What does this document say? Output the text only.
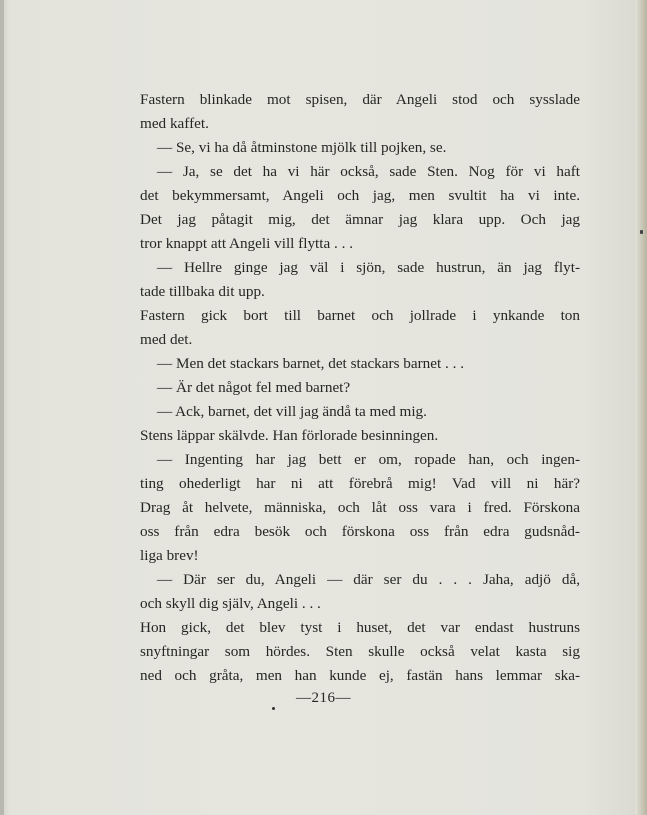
Fastern blinkade mot spisen, där Angeli stod och sysslade
med kaffet.
— Se, vi ha då åtminstone mjölk till pojken, se.
— Ja, se det ha vi här också, sade Sten. Nog för vi haft
det bekymmersamt, Angeli och jag, men svultit ha vi inte.
Det jag påtagit mig, det ämnar jag klara upp. Och jag
tror knappt att Angeli vill flytta . . .
— Hellre ginge jag väl i sjön, sade hustrun, än jag flyt-
tade tillbaka dit upp.
Fastern gick bort till barnet och jollrade i ynkande ton
med det.
— Men det stackars barnet, det stackars barnet . . .
— Är det något fel med barnet?
— Ack, barnet, det vill jag ändå ta med mig.
Stens läppar skälvde. Han förlorade besinningen.
— Ingenting har jag bett er om, ropade han, och ingen-
ting ohederligt har ni att förebrå mig! Vad vill ni här?
Drag åt helvete, människa, och låt oss vara i fred. Förskona
oss från edra besök och förskona oss från edra gudsnåd-
liga brev!
— Där ser du, Angeli — där ser du . . . Jaha, adjö då,
och skyll dig själv, Angeli . . .
Hon gick, det blev tyst i huset, det var endast hustruns
snyftningar som hördes. Sten skulle också velat kasta sig
ned och gråta, men han kunde ej, fastän hans lemmar ska-
—216—
